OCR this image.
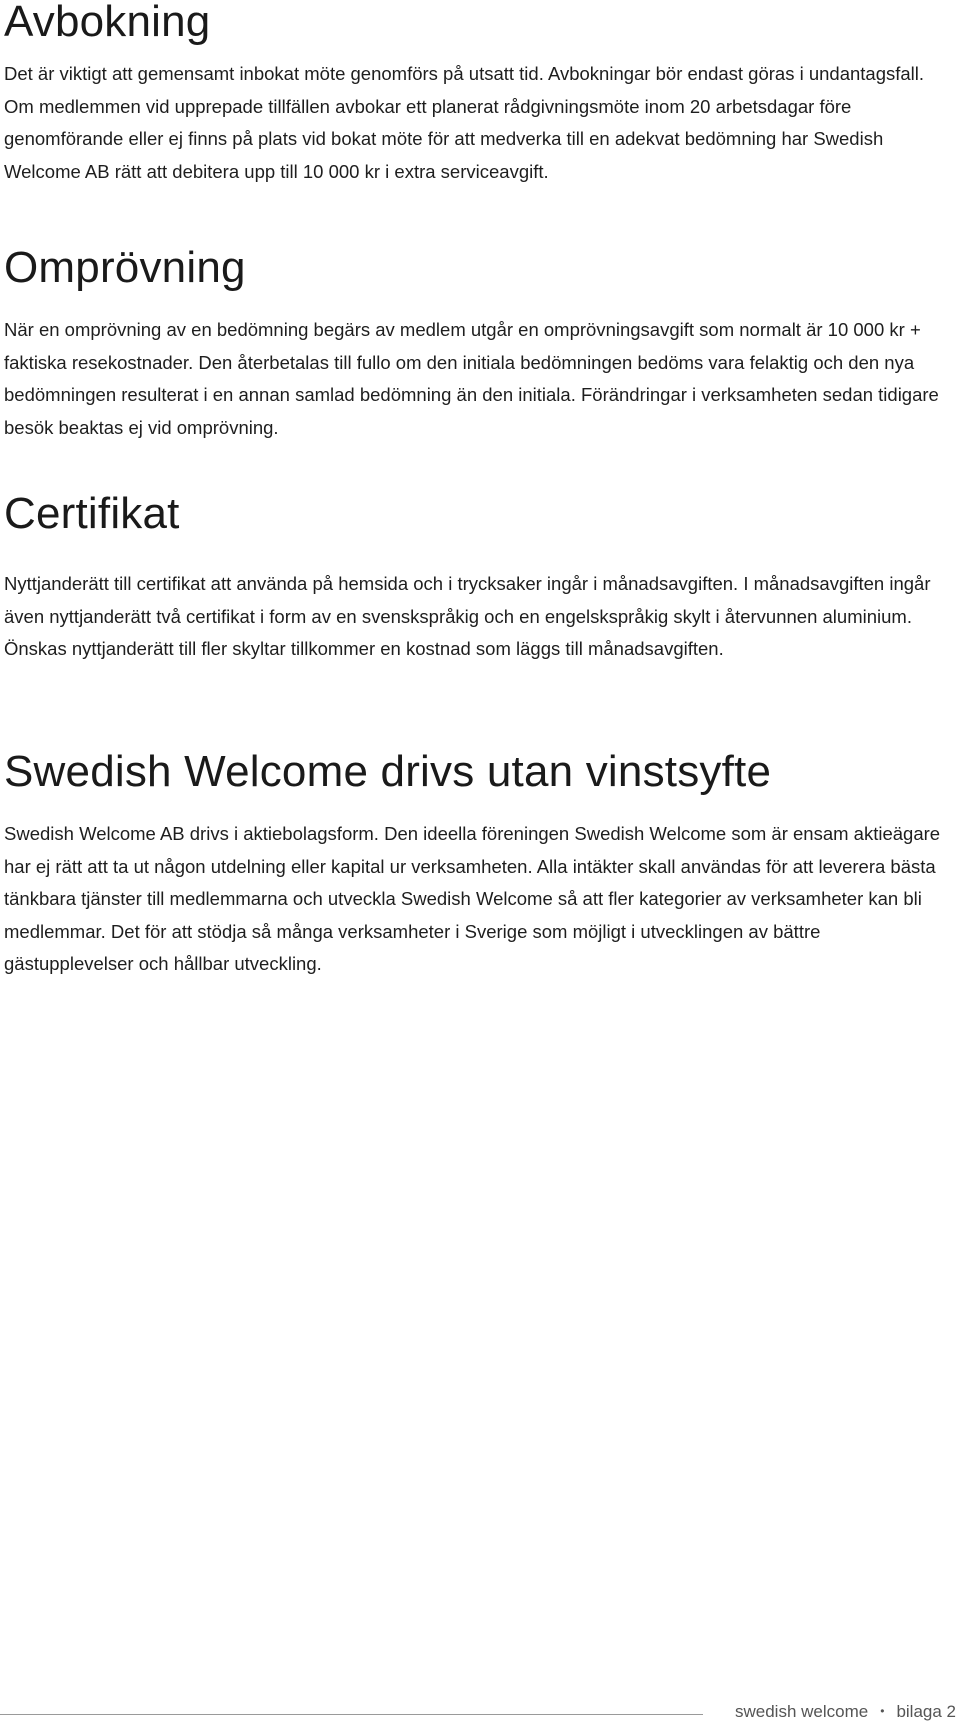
Avbokning

Det är viktigt att gemensamt inbokat möte genomförs på utsatt tid. Avbokningar bör endast göras i undantagsfall. Om medlemmen vid upprepade tillfällen avbokar ett planerat rådgivningsmöte inom 20 arbetsdagar före genomförande eller ej finns på plats vid bokat möte för att medverka till en adekvat bedömning har Swedish Welcome AB rätt att debitera upp till 10 000 kr i extra serviceavgift.

Omprövning

När en omprövning av en bedömning begärs av medlem utgår en omprövningsavgift som normalt är 10 000 kr + faktiska resekostnader. Den återbetalas till fullo om den initiala bedömningen bedöms vara felaktig och den nya bedömningen resulterat i en annan samlad bedömning än den initiala. Förändringar i verksamheten sedan tidigare besök beaktas ej vid omprövning.

Certifikat

Nyttjanderätt till certifikat att använda på hemsida och i trycksaker ingår i månadsavgiften. I månadsavgiften ingår även nyttjanderätt två certifikat i form av en svenskspråkig och en engelskspråkig skylt i återvunnen aluminium. Önskas nyttjanderätt till fler skyltar tillkommer en kostnad som läggs till månadsavgiften.

Swedish Welcome drivs utan vinstsyfte

Swedish Welcome AB drivs i aktiebolagsform. Den ideella föreningen Swedish Welcome som är ensam aktieägare har ej rätt att ta ut någon utdelning eller kapital ur verksamheten. Alla intäkter skall användas för att leverera bästa tänkbara tjänster till medlemmarna och utveckla Swedish Welcome så att fler kategorier av verksamheter kan bli medlemmar. Det för att stödja så många verksamheter i Sverige som möjligt i utvecklingen av bättre gästupplevelser och hållbar utveckling.

swedish welcome • bilaga 2
